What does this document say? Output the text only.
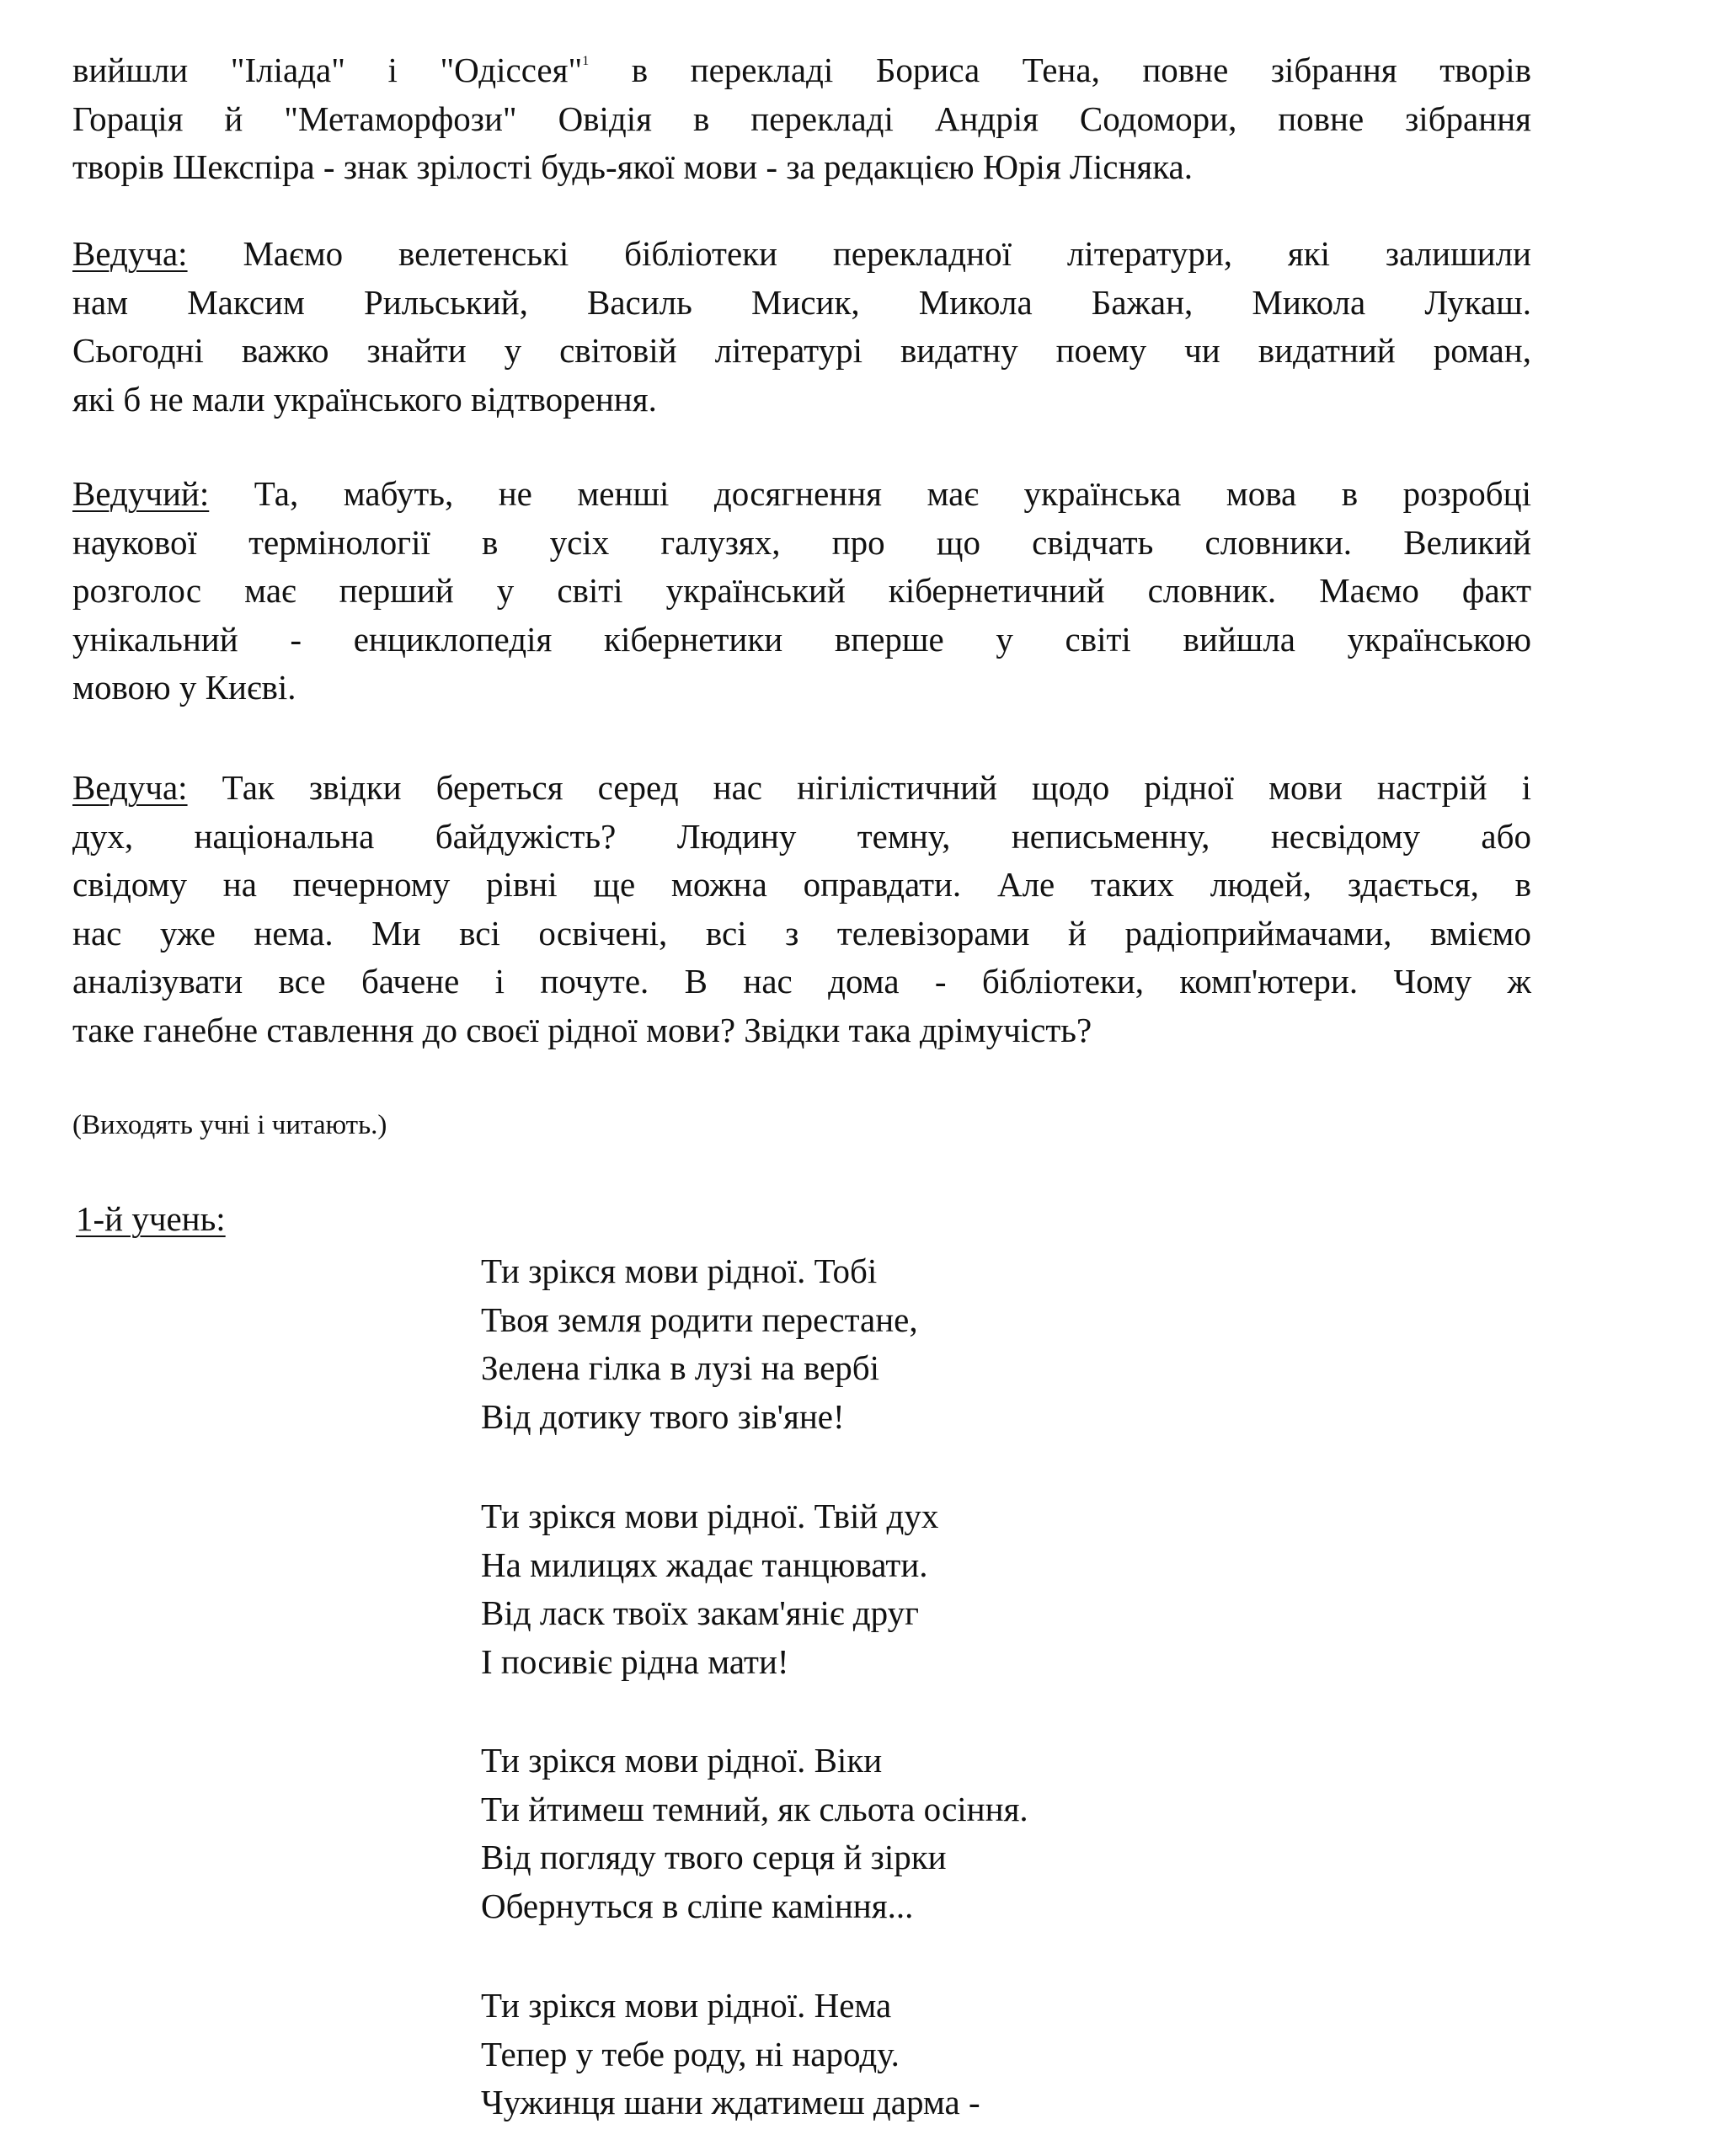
вийшли "Іліада" і "Одіссея"$^1$ в перекладі Бориса Тена, повне зібрання творів
Горація й "Метаморфози" Овідія в перекладі Андрія Содомори, повне зібрання
творів Шекспіра - знак зрілості будь-якої мови - за редакцією Юрія Лісняка.
Ведуча: Маємо велетенські бібліотеки перекладної літератури, які залишили
нам Максим Рильський, Василь Мисик, Микола Бажан, Микола Лукаш.
Сьогодні важко знайти у світовій літературі видатну поему чи видатний роман,
які б не мали українського відтворення.
Ведучий: Та, мабуть, не менші досягнення має українська мова в розробці
наукової термінології в усіх галузях, про що свідчать словники. Великий
розголос має перший у світі український кібернетичний словник. Маємо факт
унікальний - енциклопедія кібернетики вперше у світі вийшла українською
мовою у Києві.
Ведуча: Так звідки береться серед нас нігілістичний щодо рідної мови настрій і
дух, національна байдужість? Людину темну, неписьменну, несвідому або
свідому на печерному рівні ще можна оправдати. Але таких людей, здається, в
нас уже нема. Ми всі освічені, всі з телевізорами й радіоприймачами, вміємо
аналізувати все бачене і почуте. В нас дома - бібліотеки, комп'ютери. Чому ж
таке ганебне ставлення до своєї рідної мови? Звідки така дрімучість?

(Виходять учні і читають.)

1-й учень:

Ти зрікся мови рідної. Тобі
Твоя земля родити перестане,
Зелена гілка в лузі на вербі
Від дотику твого зів'яне!
Ти зрікся мови рідної. Твій дух
На милицях жадає танцювати.
Від ласк твоїх закам'яніє друг
І посивіє рідна мати!
Ти зрікся мови рідної. Віки
Ти йтимеш темний, як сльота осіння.
Від погляду твого серця й зірки
Обернуться в сліпе каміння...
Ти зрікся мови рідної. Нема
Тепер у тебе роду, ні народу.
Чужинця шани ждатимеш дарма -
